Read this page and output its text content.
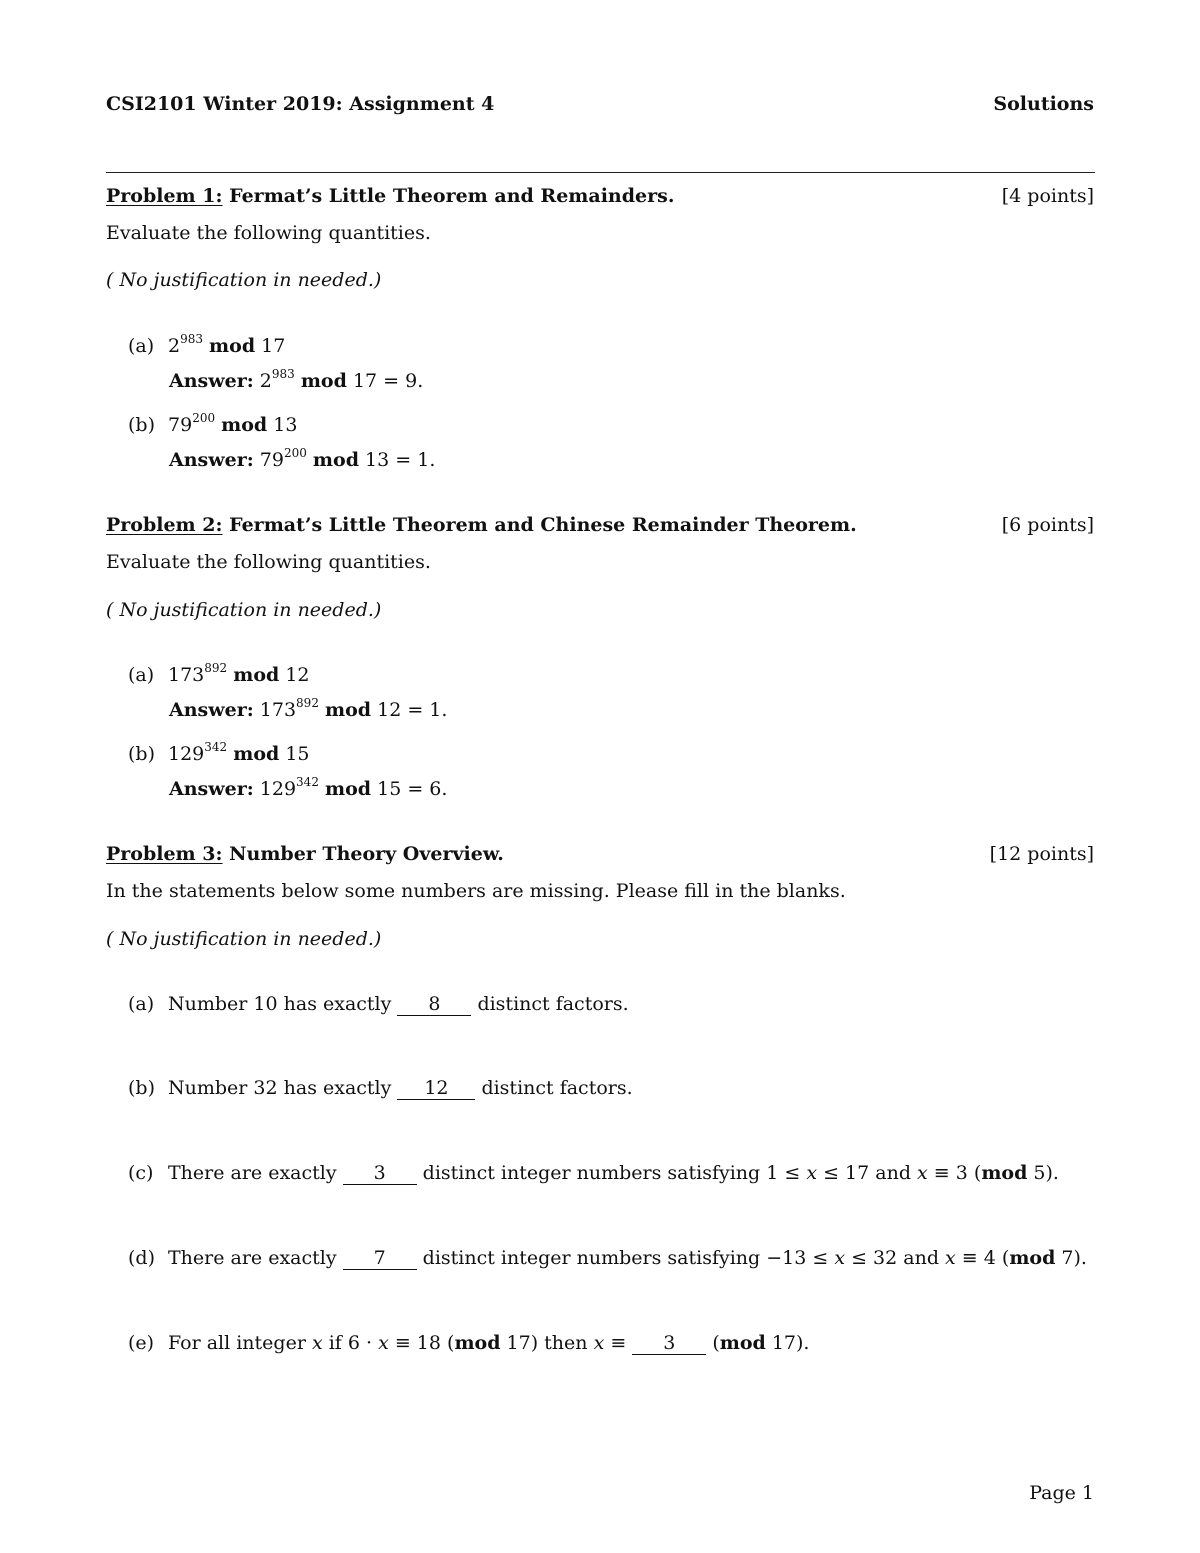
CSI2101 Winter 2019: Assignment 4	Solutions
Problem 1: Fermat’s Little Theorem and Remainders.	[4 points]
Evaluate the following quantities.
( No justification in needed.)
(a) $2^{983}$ mod 17
Answer: $2^{983}$ mod 17 = 9.
(b) $79^{200}$ mod 13
Answer: $79^{200}$ mod 13 = 1.
Problem 2: Fermat’s Little Theorem and Chinese Remainder Theorem.	[6 points]
Evaluate the following quantities.
( No justification in needed.)
(a) $173^{892}$ mod 12
Answer: $173^{892}$ mod 12 = 1.
(b) $129^{342}$ mod 15
Answer: $129^{342}$ mod 15 = 6.
Problem 3: Number Theory Overview.	[12 points]
In the statements below some numbers are missing. Please fill in the blanks.
( No justification in needed.)
(a) Number 10 has exactly 8 distinct factors.
(b) Number 32 has exactly 12 distinct factors.
(c) There are exactly 3 distinct integer numbers satisfying 1 ≤ x ≤ 17 and x ≡ 3 (mod 5).
(d) There are exactly 7 distinct integer numbers satisfying −13 ≤ x ≤ 32 and x ≡ 4 (mod 7).
(e) For all integer x if 6 · x ≡ 18 (mod 17) then x ≡ 3 (mod 17).
Page 1
